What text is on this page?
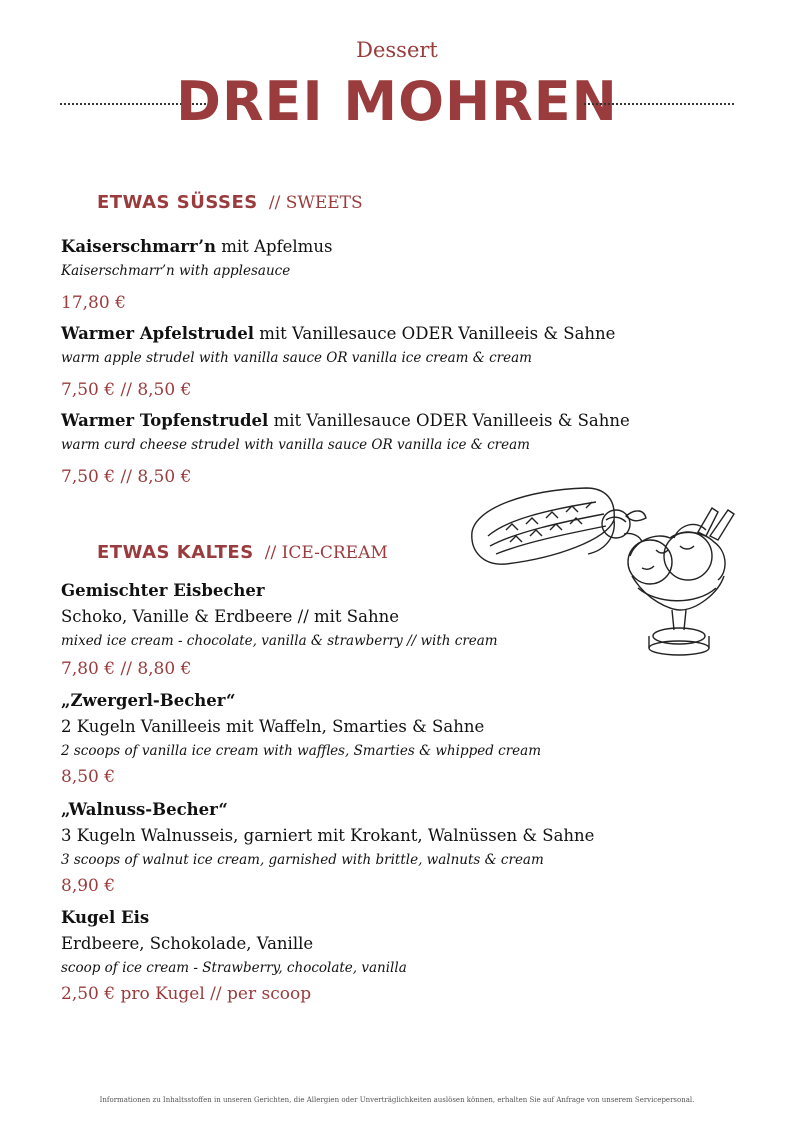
Dessert
DREI MOHREN
ETWAS SÜSSES // SWEETS
Kaiserschmarr’n mit Apfelmus
Kaiserschmarr’n with applesauce
17,80 €
Warmer Apfelstrudel mit Vanillesauce ODER Vanilleeis & Sahne
warm apple strudel with vanilla sauce OR vanilla ice cream & cream
7,50 € // 8,50 €
Warmer Topfenstrudel mit Vanillesauce ODER Vanilleeis & Sahne
warm curd cheese strudel with vanilla sauce OR vanilla ice & cream
7,50 € // 8,50 €
ETWAS KALTES // ICE-CREAM
Gemischter Eisbecher
Schoko, Vanille & Erdbeere // mit Sahne
mixed ice cream - chocolate, vanilla & strawberry // with cream
7,80 € // 8,80 €
„Zwergerl-Becher“
2 Kugeln Vanilleeis mit Waffeln, Smarties & Sahne
2 scoops of vanilla ice cream with waffles, Smarties & whipped cream
8,50 €
„Walnuss-Becher“
3 Kugeln Walnusseis, garniert mit Krokant, Walnüssen & Sahne
3 scoops of walnut ice cream, garnished with brittle, walnuts & cream
8,90 €
Kugel Eis
Erdbeere, Schokolade, Vanille
scoop of ice cream - Strawberry, chocolate, vanilla
2,50 € pro Kugel // per scoop
Informationen zu Inhaltsstoffen in unseren Gerichten, die Allergien oder Unverträglichkeiten auslösen können, erhalten Sie auf Anfrage von unserem Servicepersonal.
